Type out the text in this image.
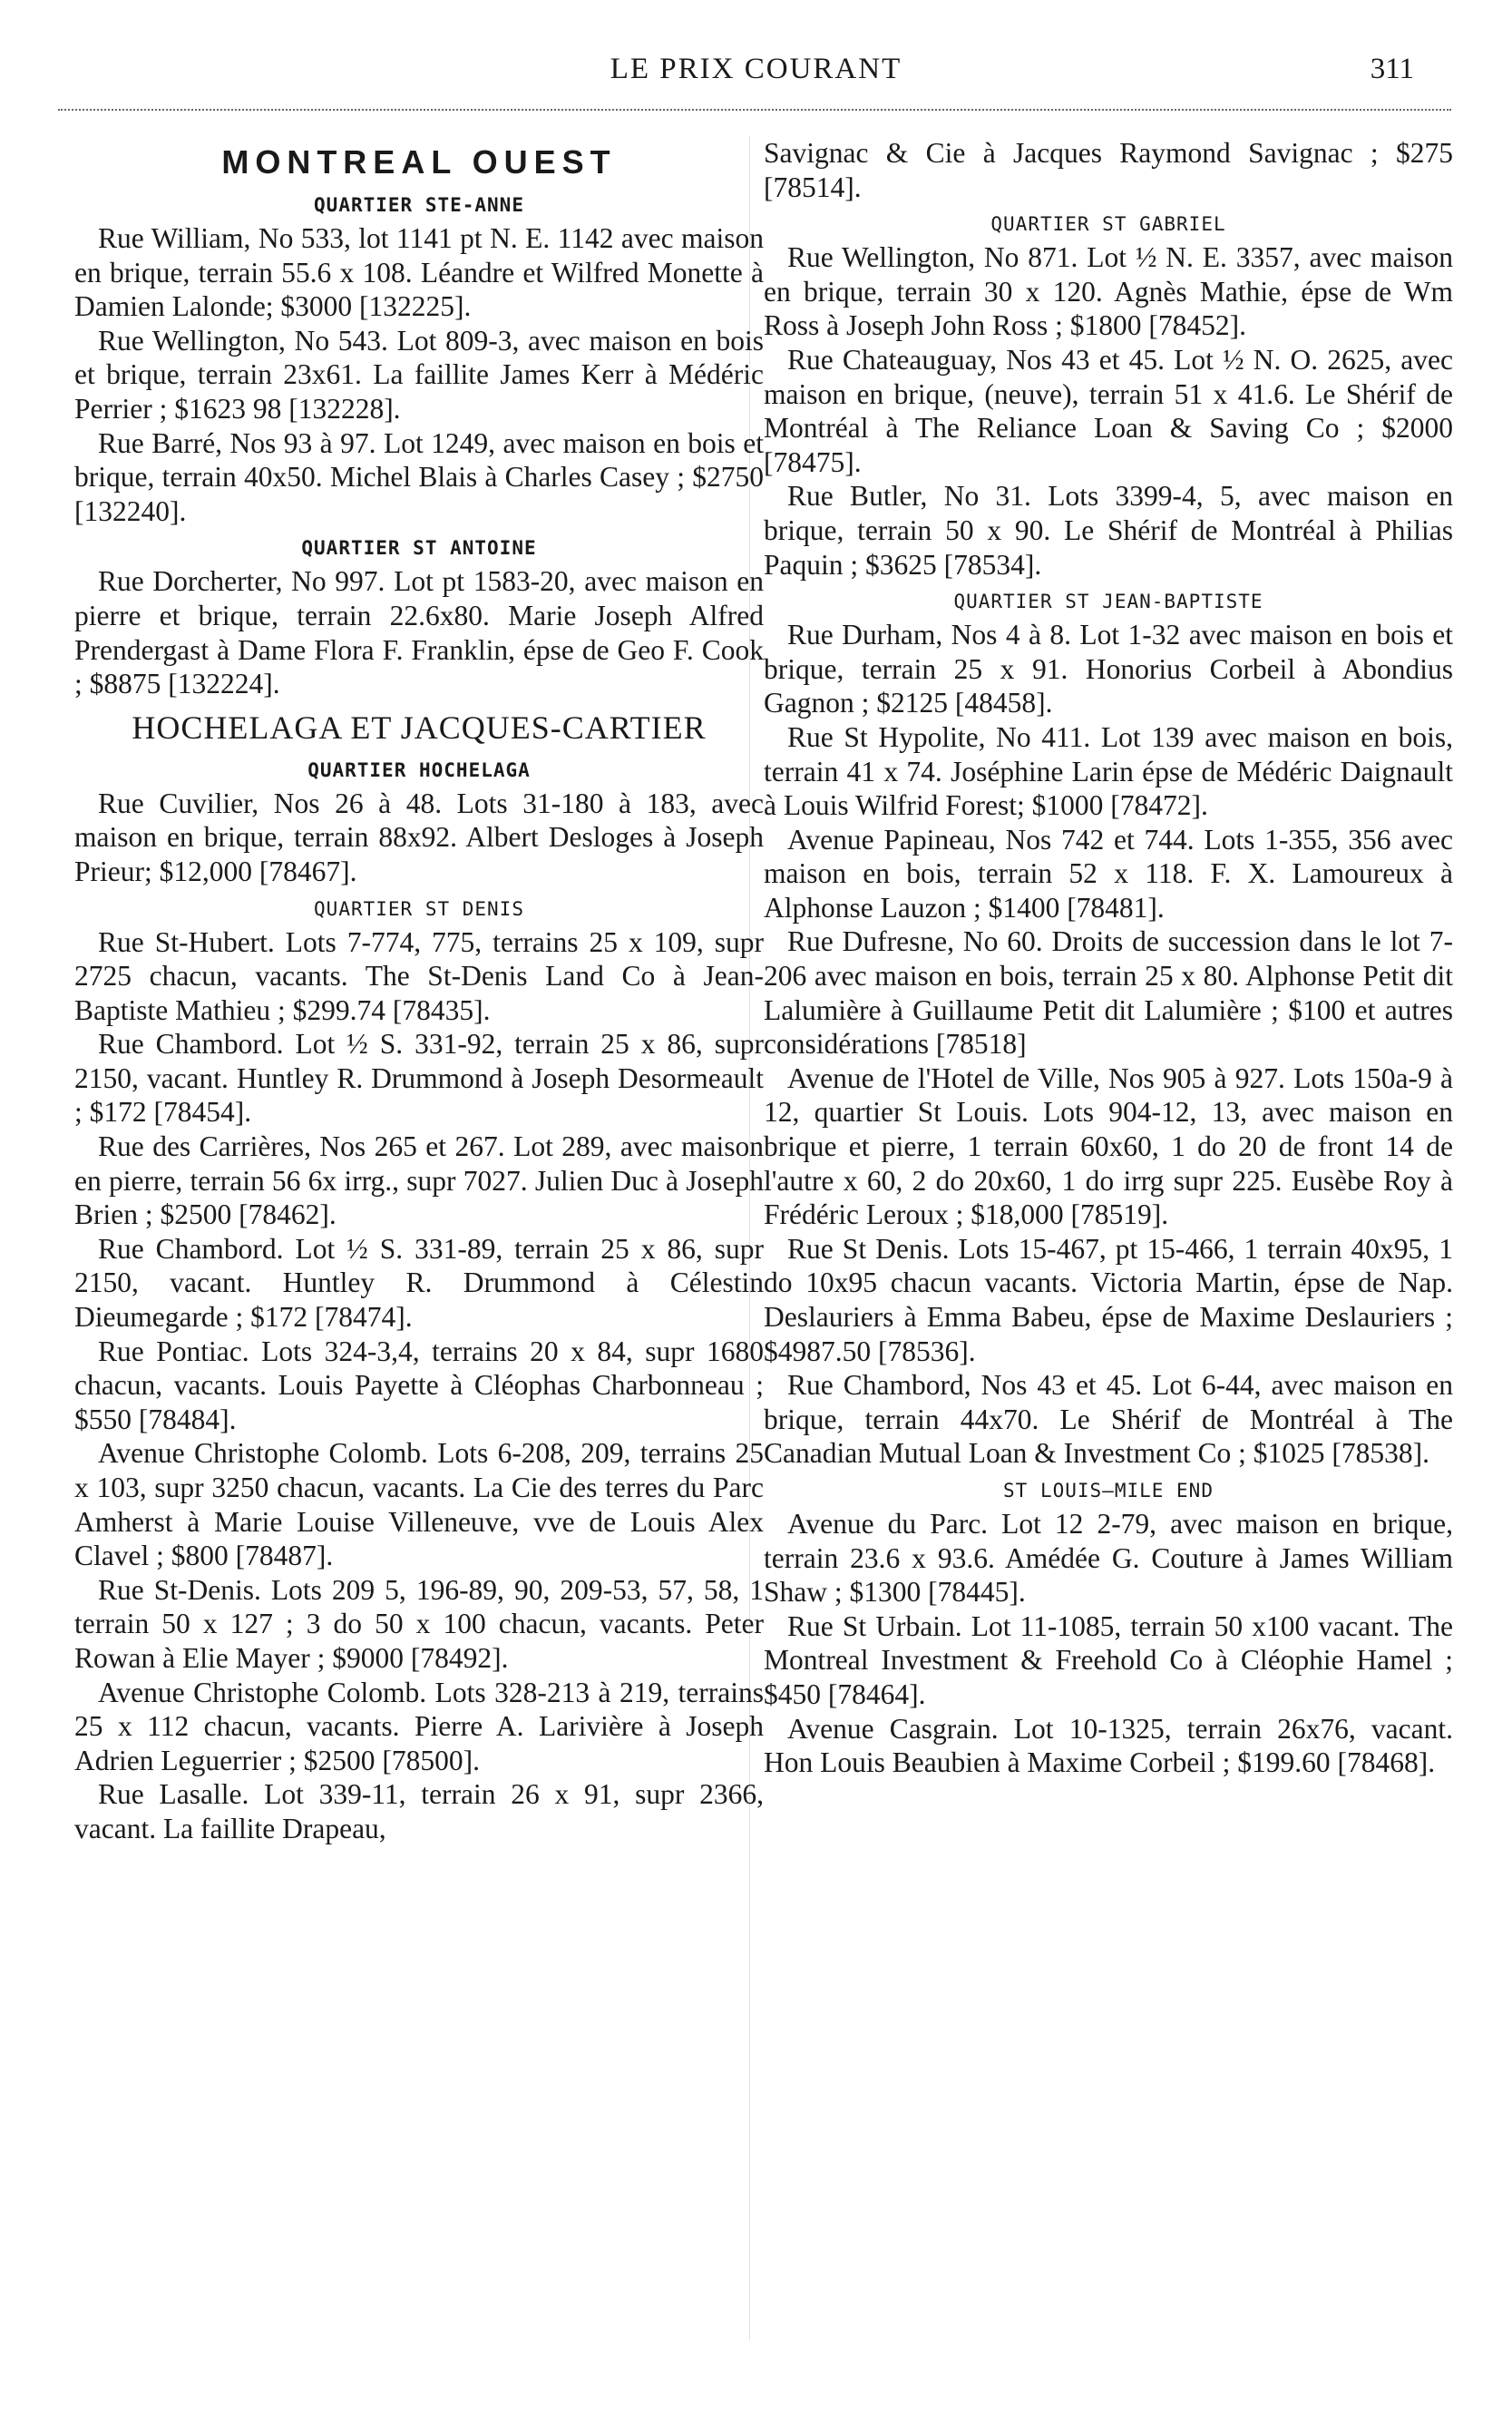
LE PRIX COURANT	311
MONTREAL OUEST
QUARTIER STE-ANNE

Rue William, No 533, lot 1141 pt N. E. 1142 avec maison en brique, terrain 55.6 x 108. Léandre et Wilfred Monette à Damien Lalonde; $3000 [132225].

Rue Wellington, No 543. Lot 809-3, avec maison en bois et brique, terrain 23x61. La faillite James Kerr à Médéric Perrier ; $1623 98 [132228].

Rue Barré, Nos 93 à 97. Lot 1249, avec maison en bois et brique, terrain 40x50. Michel Blais à Charles Casey ; $2750 [132240].

QUARTIER ST ANTOINE

Rue Dorcherter, No 997. Lot pt 1583-20, avec maison en pierre et brique, terrain 22.6x80. Marie Joseph Alfred Prendergast à Dame Flora F. Franklin, épse de Geo F. Cook ; $8875 [132224].

HOCHELAGA ET JACQUES-CARTIER
QUARTIER HOCHELAGA

Rue Cuvilier, Nos 26 à 48. Lots 31-180 à 183, avec maison en brique, terrain 88x92. Albert Desloges à Joseph Prieur; $12,000 [78467].

QUARTIER ST DENIS

Rue St-Hubert. Lots 7-774, 775, terrains 25 x 109, supr 2725 chacun, vacants. The St-Denis Land Co à Jean-Baptiste Mathieu ; $299.74 [78435].

Rue Chambord. Lot ½ S. 331-92, terrain 25 x 86, supr 2150, vacant. Huntley R. Drummond à Joseph Desormeault ; $172 [78454].

Rue des Carrières, Nos 265 et 267. Lot 289, avec maison en pierre, terrain 56 6x irrg., supr 7027. Julien Duc à Joseph Brien ; $2500 [78462].

Rue Chambord. Lot ½ S. 331-89, terrain 25 x 86, supr 2150, vacant. Huntley R. Drummond à Célestin Dieumegarde ; $172 [78474].

Rue Pontiac. Lots 324-3,4, terrains 20 x 84, supr 1680 chacun, vacants. Louis Payette à Cléophas Charbonneau ; $550 [78484].

Avenue Christophe Colomb. Lots 6-208, 209, terrains 25 x 103, supr 3250 chacun, vacants. La Cie des terres du Parc Amherst à Marie Louise Villeneuve, vve de Louis Alex Clavel ; $800 [78487].

Rue St-Denis. Lots 209 5, 196-89, 90, 209-53, 57, 58, 1 terrain 50 x 127 ; 3 do 50 x 100 chacun, vacants. Peter Rowan à Elie Mayer ; $9000 [78492].

Avenue Christophe Colomb. Lots 328-213 à 219, terrains 25 x 112 chacun, vacants. Pierre A. Larivière à Joseph Adrien Leguerrier ; $2500 [78500].

Rue Lasalle. Lot 339-11, terrain 26 x 91, supr 2366, vacant. La faillite Drapeau,

Savignac & Cie à Jacques Raymond Savignac ; $275 [78514].

QUARTIER ST GABRIEL

Rue Wellington, No 871. Lot ½ N. E. 3357, avec maison en brique, terrain 30 x 120. Agnès Mathie, épse de Wm Ross à Joseph John Ross ; $1800 [78452].

Rue Chateauguay, Nos 43 et 45. Lot ½ N. O. 2625, avec maison en brique, (neuve), terrain 51 x 41.6. Le Shérif de Montréal à The Reliance Loan & Saving Co ; $2000 [78475].

Rue Butler, No 31. Lots 3399-4, 5, avec maison en brique, terrain 50 x 90. Le Shérif de Montréal à Philias Paquin ; $3625 [78534].

QUARTIER ST JEAN-BAPTISTE

Rue Durham, Nos 4 à 8. Lot 1-32 avec maison en bois et brique, terrain 25 x 91. Honorius Corbeil à Abondius Gagnon ; $2125 [48458].

Rue St Hypolite, No 411. Lot 139 avec maison en bois, terrain 41 x 74. Joséphine Larin épse de Médéric Daignault à Louis Wilfrid Forest; $1000 [78472].

Avenue Papineau, Nos 742 et 744. Lots 1-355, 356 avec maison en bois, terrain 52 x 118. F. X. Lamoureux à Alphonse Lauzon ; $1400 [78481].

Rue Dufresne, No 60. Droits de succession dans le lot 7-206 avec maison en bois, terrain 25 x 80. Alphonse Petit dit Lalumière à Guillaume Petit dit Lalumière ; $100 et autres considérations [78518]

Avenue de l'Hotel de Ville, Nos 905 à 927. Lots 150a-9 à 12, quartier St Louis. Lots 904-12, 13, avec maison en brique et pierre, 1 terrain 60x60, 1 do 20 de front 14 de l'autre x 60, 2 do 20x60, 1 do irrg supr 225. Eusèbe Roy à Frédéric Leroux ; $18,000 [78519].

Rue St Denis. Lots 15-467, pt 15-466, 1 terrain 40x95, 1 do 10x95 chacun vacants. Victoria Martin, épse de Nap. Deslauriers à Emma Babeu, épse de Maxime Deslauriers ; $4987.50 [78536].

Rue Chambord, Nos 43 et 45. Lot 6-44, avec maison en brique, terrain 44x70. Le Shérif de Montréal à The Canadian Mutual Loan & Investment Co ; $1025 [78538].

ST LOUIS—MILE END

Avenue du Parc. Lot 12 2-79, avec maison en brique, terrain 23.6 x 93.6. Amédée G. Couture à James William Shaw ; $1300 [78445].

Rue St Urbain. Lot 11-1085, terrain 50 x100 vacant. The Montreal Investment & Freehold Co à Cléophie Hamel ; $450 [78464].

Avenue Casgrain. Lot 10-1325, terrain 26x76, vacant. Hon Louis Beaubien à Maxime Corbeil ; $199.60 [78468].
